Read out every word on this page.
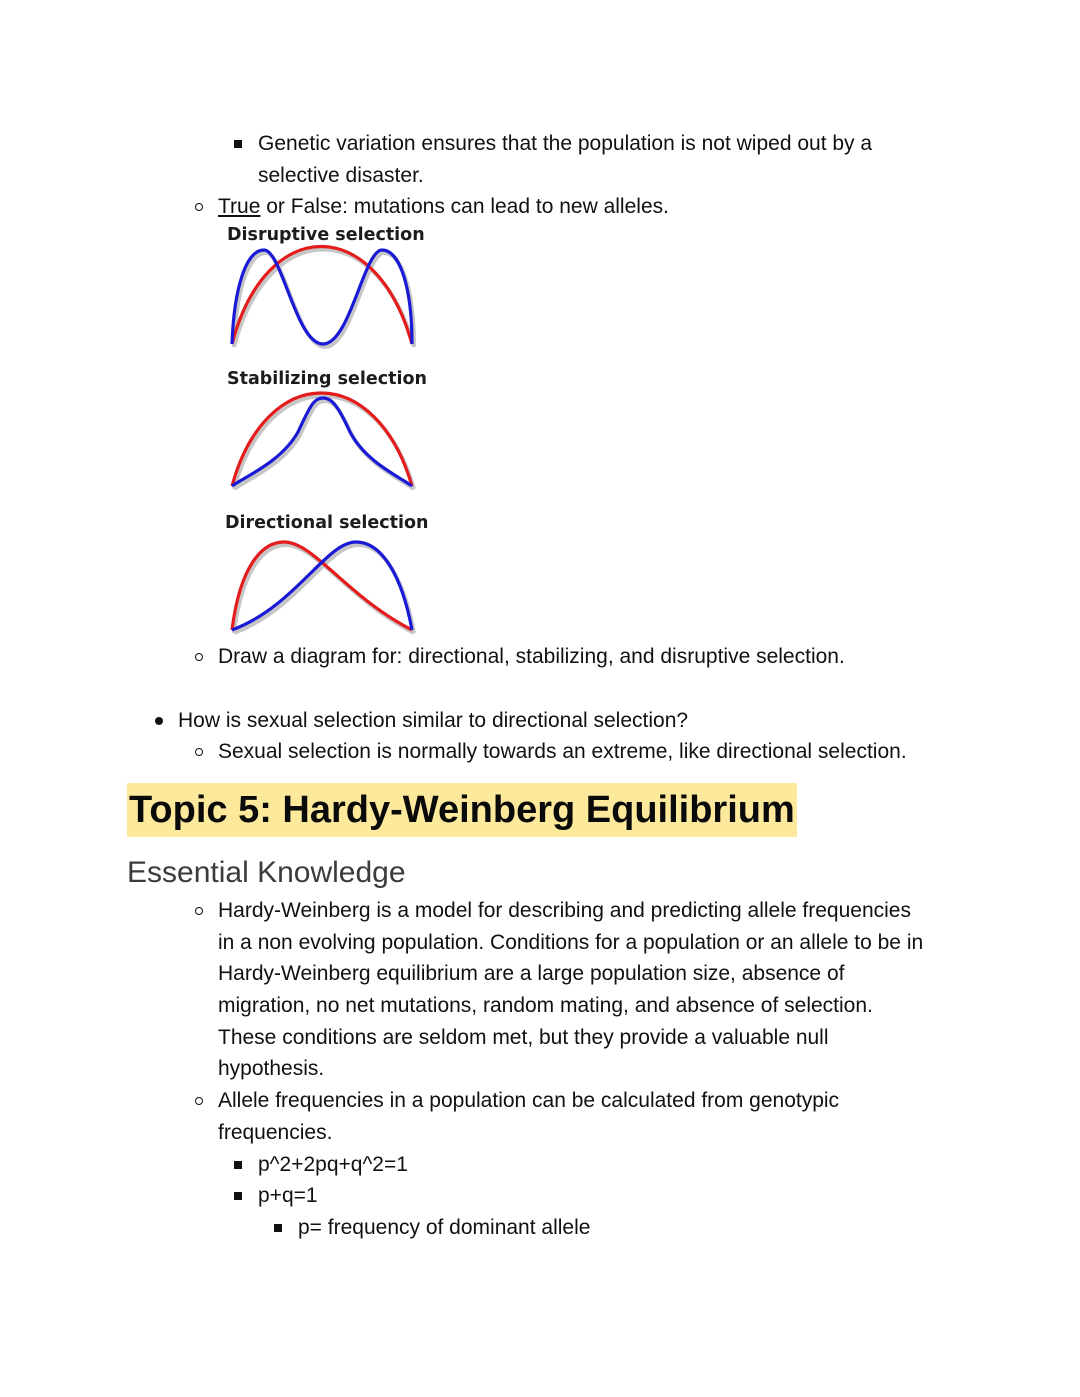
Genetic variation ensures that the population is not wiped out by a
selective disaster.
True or False: mutations can lead to new alleles.
Disruptive selection
Stabilizing selection
Directional selection
Draw a diagram for: directional, stabilizing, and disruptive selection.
How is sexual selection similar to directional selection?
Sexual selection is normally towards an extreme, like directional selection.
Topic 5: Hardy-Weinberg Equilibrium
Essential Knowledge
Hardy-Weinberg is a model for describing and predicting allele frequencies
in a non evolving population. Conditions for a population or an allele to be in
Hardy-Weinberg equilibrium are a large population size, absence of
migration, no net mutations, random mating, and absence of selection.
These conditions are seldom met, but they provide a valuable null
hypothesis.
Allele frequencies in a population can be calculated from genotypic
frequencies.
p^2+2pq+q^2=1
p+q=1
p= frequency of dominant allele
